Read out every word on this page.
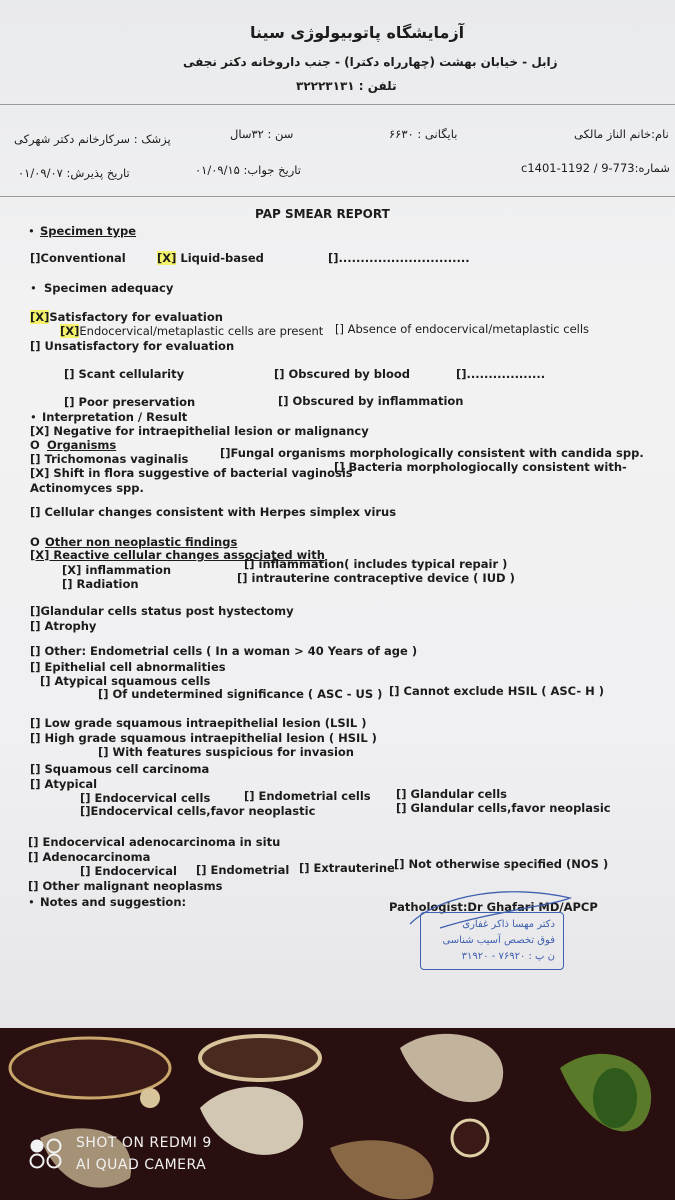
آزمایشگاه پاتوبیولوژی سینا
زابل - خیابان بهشت (چهارراه دکترا) - جنب داروخانه دکتر نجفی
تلفن : ۳۲۲۲۳۱۳۱
نام:خانم الناز مالکی
بایگانی : ۶۶۳۰
سن : ۳۲سال
پزشک : سرکارخانم دکتر شهرکی
شماره:c1401-1192 / 9-773
تاریخ جواب: ۰۱/۰۹/۱۵
تاریخ پذیرش: ۰۱/۰۹/۰۷
PAP SMEAR REPORT
• Specimen type
[]Conventional	[X] Liquid-based	[]..............................
• Specimen adequacy
[X]Satisfactory for evaluation
[X]Endocervical/metaplastic cells are present [] Absence of endocervical/metaplastic cells
[] Unsatisfactory for evaluation
[] Scant cellularity	[] Obscured by blood	[]..................
[] Poor preservation	[] Obscured by inflammation
• Interpretation / Result
[X] Negative for intraepithelial lesion or malignancy
O Organisms
[] Trichomonas vaginalis	[]Fungal organisms morphologically consistent with candida spp.
[X] Shift in flora suggestive of bacterial vaginosis
[] Bacteria morphologiocally consistent with-
Actinomyces spp.
[] Cellular changes consistent with Herpes simplex virus
O Other non neoplastic findings
[X] Reactive cellular changes associated with
[X] inflammation	[] inflammation( includes typical repair )
[] Radiation	[] intrauterine contraceptive device ( IUD )
[]Glandular cells status post hystectomy
[] Atrophy
[] Other: Endometrial cells ( In a woman > 40 Years of age )
[] Epithelial cell abnormalities
[] Atypical squamous cells
[] Of undetermined significance ( ASC - US ) [] Cannot exclude HSIL ( ASC- H )
[] Low grade squamous intraepithelial lesion (LSIL )
[] High grade squamous intraepithelial lesion ( HSIL )
[] With features suspicious for invasion
[] Squamous cell carcinoma
[] Atypical
[] Endocervical cells	[] Endometrial cells [] Glandular cells
[]Endocervical cells,favor neoplastic	[] Glandular cells,favor neoplasic
[] Endocervical adenocarcinoma in situ
[] Adenocarcinoma
[] Endocervical [] Endometrial [] Extrauterine [] Not otherwise specified (NOS )
[] Other malignant neoplasms
• Notes and suggestion:	Pathologist:Dr Ghafari MD/APCP
دکتر مهسا ذاکر غفاری
فوق تخصص آسیب شناسی
ن پ : ۷۶۹۲۰ - ۳۱۹۲۰
SHOT ON REDMI 9
AI QUAD CAMERA
